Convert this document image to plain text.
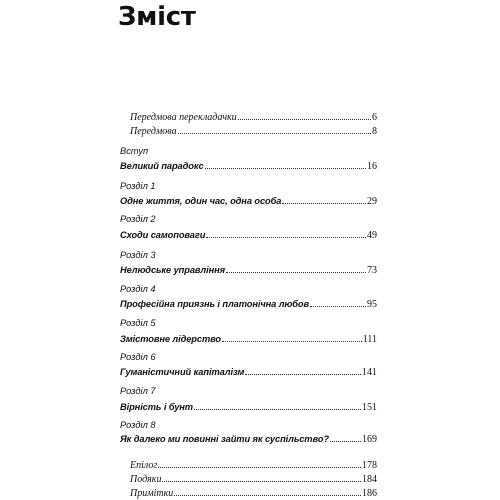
Зміст
Передмова перекладачки	6
Передмова	8
Вступ
Великий парадокс	16
Розділ 1
Одне життя, один час, одна особа	29
Розділ 2
Сходи самоповаги	49
Розділ 3
Нелюдське управління	73
Розділ 4
Професійна приязнь і платонічна любов	95
Розділ 5
Змістовне лідерство	111
Розділ 6
Гуманістичний капіталізм	141
Розділ 7
Вірність і бунт	151
Розділ 8
Як далеко ми повинні зайти як суспільство?	169
Епілог	178
Подяки	184
Примітки	186
